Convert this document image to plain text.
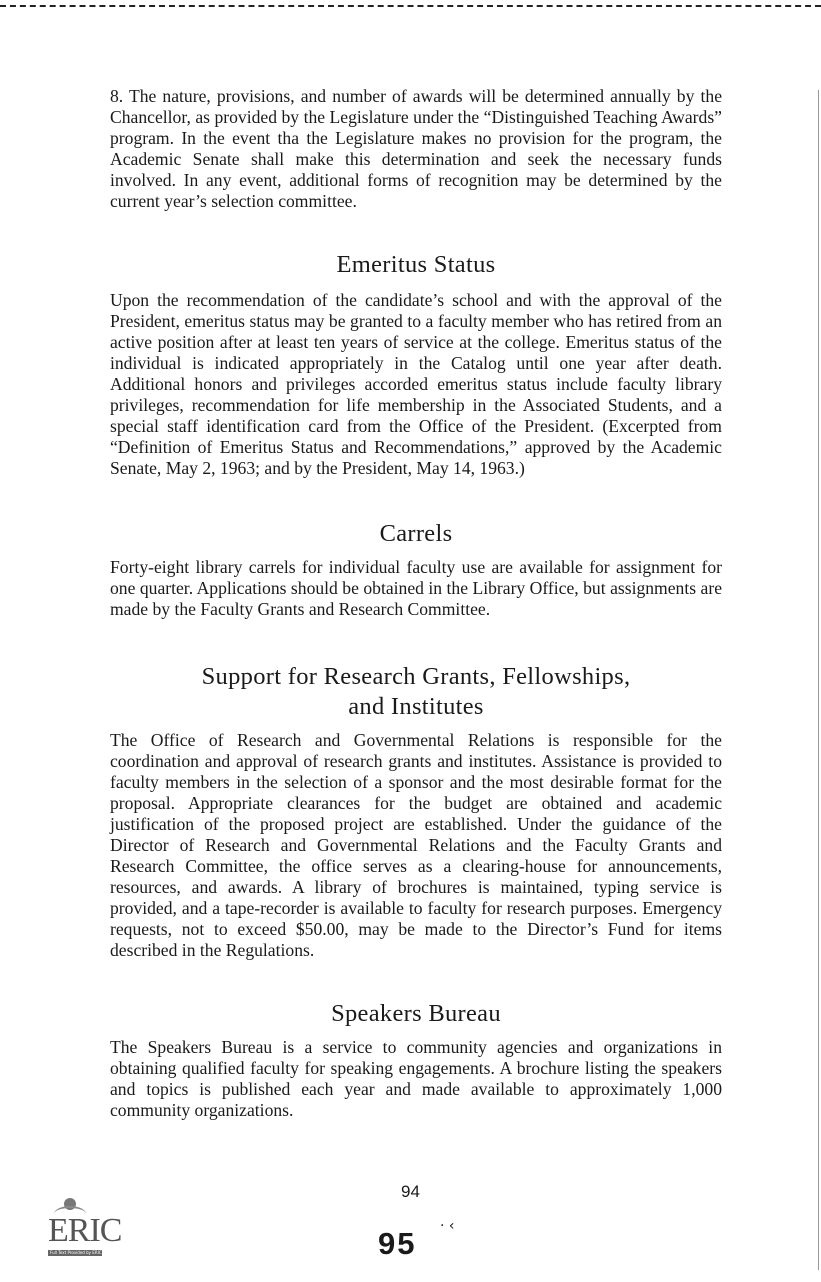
8. The nature, provisions, and number of awards will be determined annually by the Chancellor, as provided by the Legislature under the “Distinguished Teaching Awards” program. In the event tha the Legislature makes no provision for the program, the Academic Senate shall make this determination and seek the necessary funds involved. In any event, additional forms of recognition may be determined by the current year’s selection committee.

Emeritus Status

Upon the recommendation of the candidate’s school and with the approval of the President, emeritus status may be granted to a faculty member who has retired from an active position after at least ten years of service at the college. Emeritus status of the individual is indicated appropriately in the Catalog until one year after death. Additional honors and privileges accorded emeritus status include faculty library privileges, recommendation for life membership in the Associated Students, and a special staff identification card from the Office of the President. (Excerpted from “Definition of Emeritus Status and Recommendations,” approved by the Academic Senate, May 2, 1963; and by the President, May 14, 1963.)

Carrels

Forty-eight library carrels for individual faculty use are available for assignment for one quarter. Applications should be obtained in the Library Office, but assignments are made by the Faculty Grants and Research Committee.

Support for Research Grants, Fellowships,
and Institutes

The Office of Research and Governmental Relations is responsible for the coordination and approval of research grants and institutes. Assistance is provided to faculty members in the selection of a sponsor and the most desirable format for the proposal. Appropriate clearances for the budget are obtained and academic justification of the proposed project are established. Under the guidance of the Director of Research and Governmental Relations and the Faculty Grants and Research Committee, the office serves as a clearing-house for announcements, resources, and awards. A library of brochures is maintained, typing service is provided, and a tape-recorder is available to faculty for research purposes. Emergency requests, not to exceed $50.00, may be made to the Director’s Fund for items described in the Regulations.

Speakers Bureau

The Speakers Bureau is a service to community agencies and organizations in obtaining qualified faculty for speaking engagements. A brochure listing the speakers and topics is published each year and made available to approximately 1,000 community organizations.

94
95 · ‹
ERIC
Full Text Provided by ERIC
